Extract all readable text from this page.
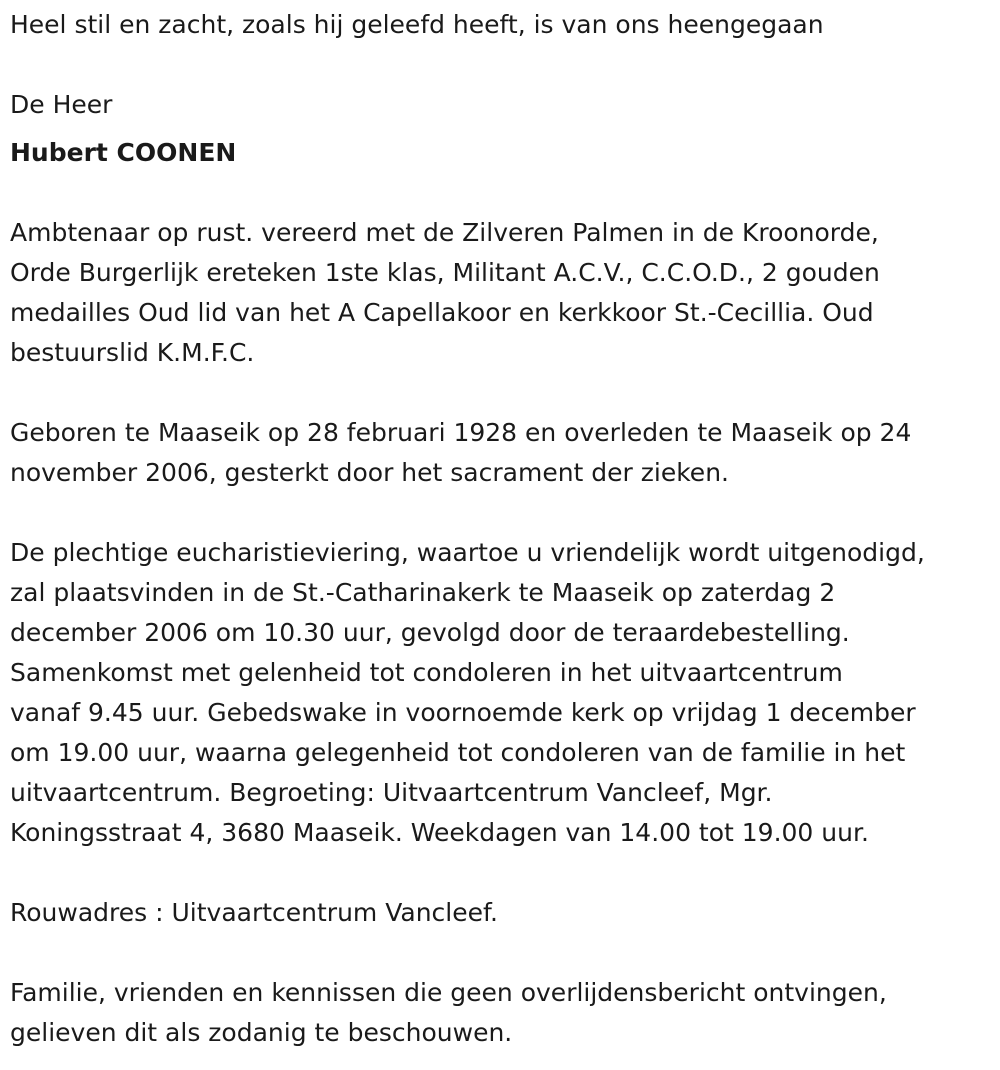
Heel stil en zacht, zoals hij geleefd heeft, is van ons heengegaan

De Heer

Hubert COONEN

Ambtenaar op rust. vereerd met de Zilveren Palmen in de Kroonorde,
Orde Burgerlijk ereteken 1ste klas, Militant A.C.V., C.C.O.D., 2 gouden
medailles Oud lid van het A Capellakoor en kerkkoor St.-Cecillia. Oud
bestuurslid K.M.F.C.

Geboren te Maaseik op 28 februari 1928 en overleden te Maaseik op 24
november 2006, gesterkt door het sacrament der zieken.

De plechtige eucharistieviering, waartoe u vriendelijk wordt uitgenodigd,
zal plaatsvinden in de St.-Catharinakerk te Maaseik op zaterdag 2
december 2006 om 10.30 uur, gevolgd door de teraardebestelling.
Samenkomst met gelenheid tot condoleren in het uitvaartcentrum
vanaf 9.45 uur. Gebedswake in voornoemde kerk op vrijdag 1 december
om 19.00 uur, waarna gelegenheid tot condoleren van de familie in het
uitvaartcentrum. Begroeting: Uitvaartcentrum Vancleef, Mgr.
Koningsstraat 4, 3680 Maaseik. Weekdagen van 14.00 tot 19.00 uur.

Rouwadres : Uitvaartcentrum Vancleef.

Familie, vrienden en kennissen die geen overlijdensbericht ontvingen,
gelieven dit als zodanig te beschouwen.
